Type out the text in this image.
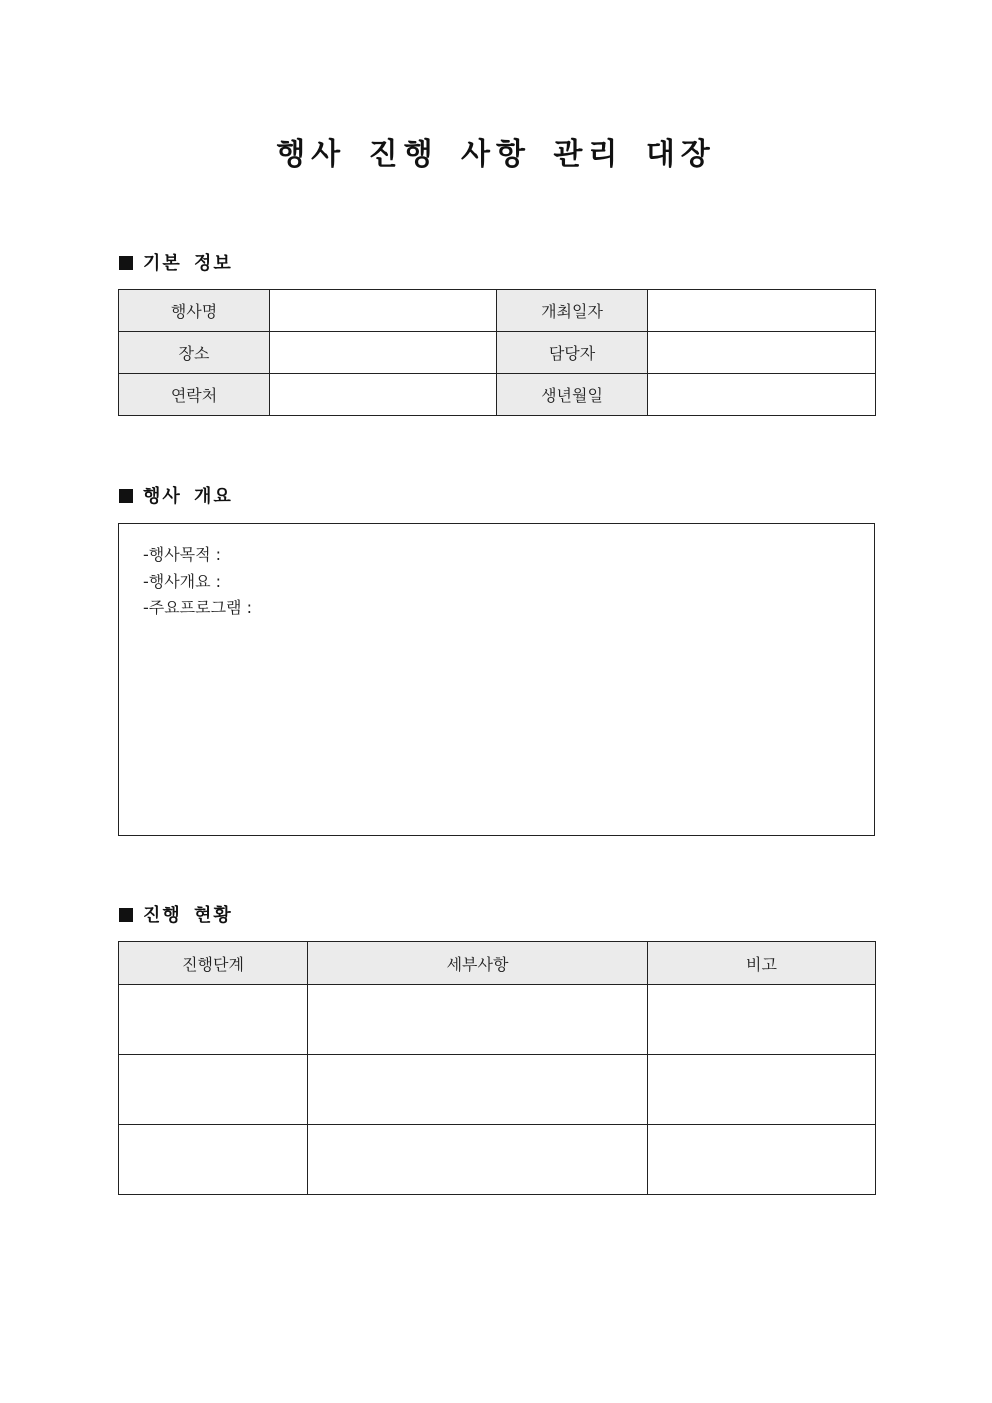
행사 진행 사항 관리 대장
기본 정보
행사명		개최일자	
장소		담당자	
연락처		생년월일	
행사 개요
-행사목적 :
-행사개요 :
-주요프로그램 :
진행 현황
진행단계	세부사항	비고
